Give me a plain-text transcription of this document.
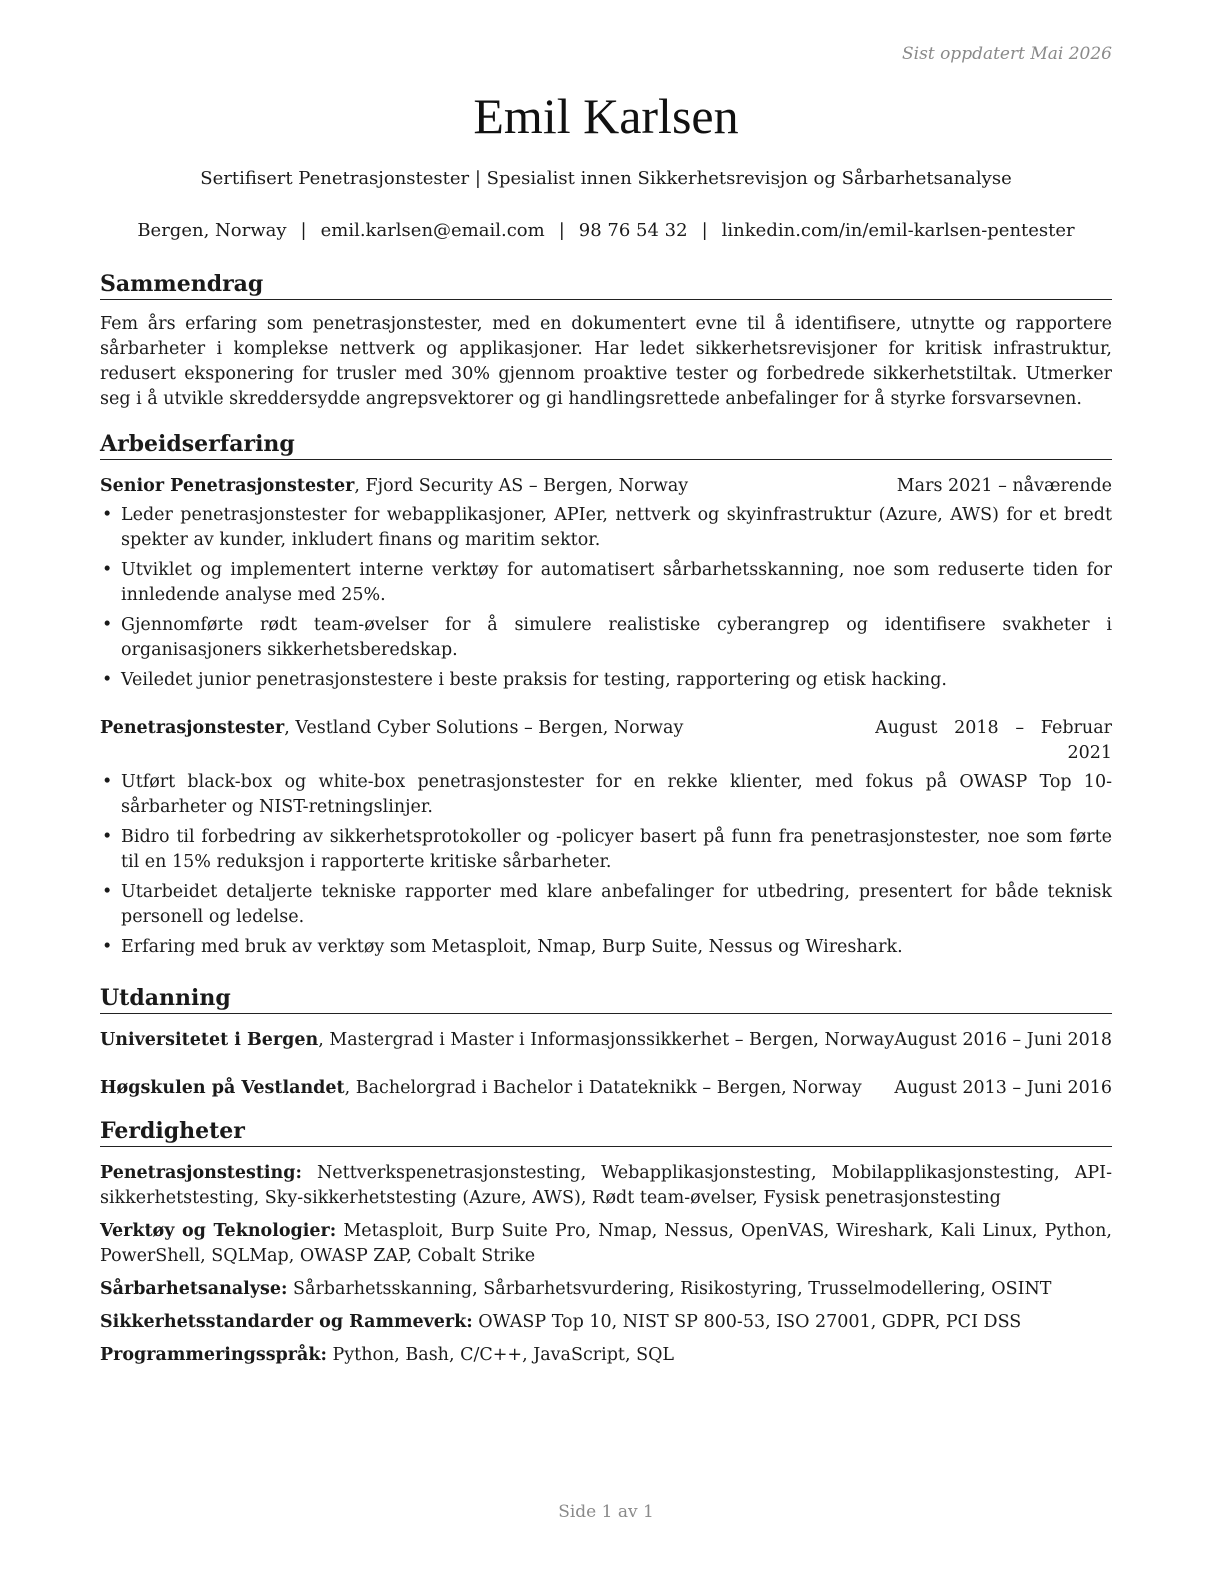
Sist oppdatert Mai 2026
Emil Karlsen
Sertifisert Penetrasjonstester | Spesialist innen Sikkerhetsrevisjon og Sårbarhetsanalyse
Bergen, Norway | emil.karlsen@email.com | 98 76 54 32 | linkedin.com/in/emil-karlsen-pentester
Sammendrag

Fem års erfaring som penetrasjonstester, med en dokumentert evne til å identifisere, utnytte og rapportere sårbarheter i komplekse nettverk og applikasjoner. Har ledet sikkerhetsrevisjoner for kritisk infrastruktur, redusert eksponering for trusler med 30% gjennom proaktive tester og forbedrede sikkerhetstiltak. Utmerker seg i å utvikle skreddersydde angrepsvektorer og gi handlingsrettede anbefalinger for å styrke forsvarsevnen.

Arbeidserfaring
Senior Penetrasjonstester, Fjord Security AS – Bergen, Norway	Mars 2021 – nåværende
• Leder penetrasjonstester for webapplikasjoner, APIer, nettverk og skyinfrastruktur (Azure, AWS) for et bredt spekter av kunder, inkludert finans og maritim sektor.
• Utviklet og implementert interne verktøy for automatisert sårbarhetsskanning, noe som reduserte tiden for innledende analyse med 25%.
• Gjennomførte rødt team-øvelser for å simulere realistiske cyberangrep og identifisere svakheter i organisasjoners sikkerhetsberedskap.
• Veiledet junior penetrasjonstestere i beste praksis for testing, rapportering og etisk hacking.
Penetrasjonstester, Vestland Cyber Solutions – Bergen, Norway	August   2018   –   Februar
2021
• Utført black-box og white-box penetrasjonstester for en rekke klienter, med fokus på OWASP Top 10-sårbarheter og NIST-retningslinjer.
• Bidro til forbedring av sikkerhetsprotokoller og -policyer basert på funn fra penetrasjonstester, noe som førte til en 15% reduksjon i rapporterte kritiske sårbarheter.
• Utarbeidet detaljerte tekniske rapporter med klare anbefalinger for utbedring, presentert for både teknisk personell og ledelse.
• Erfaring med bruk av verktøy som Metasploit, Nmap, Burp Suite, Nessus og Wireshark.
Utdanning
Universitetet i Bergen, Mastergrad i Master i Informasjonssikkerhet – Bergen, Norway August 2016 – Juni 2018
Høgskulen på Vestlandet, Bachelorgrad i Bachelor i Datateknikk – Bergen, Norway August 2013 – Juni 2016
Ferdigheter

Penetrasjonstesting: Nettverkspenetrasjonstesting, Webapplikasjonstesting, Mobilapplikasjonstesting, API-sikkerhetstesting, Sky-sikkerhetstesting (Azure, AWS), Rødt team-øvelser, Fysisk penetrasjonstesting

Verktøy og Teknologier: Metasploit, Burp Suite Pro, Nmap, Nessus, OpenVAS, Wireshark, Kali Linux, Python, PowerShell, SQLMap, OWASP ZAP, Cobalt Strike

Sårbarhetsanalyse: Sårbarhetsskanning, Sårbarhetsvurdering, Risikostyring, Trusselmodellering, OSINT

Sikkerhetsstandarder og Rammeverk: OWASP Top 10, NIST SP 800-53, ISO 27001, GDPR, PCI DSS

Programmeringsspråk: Python, Bash, C/C++, JavaScript, SQL

Side 1 av 1
